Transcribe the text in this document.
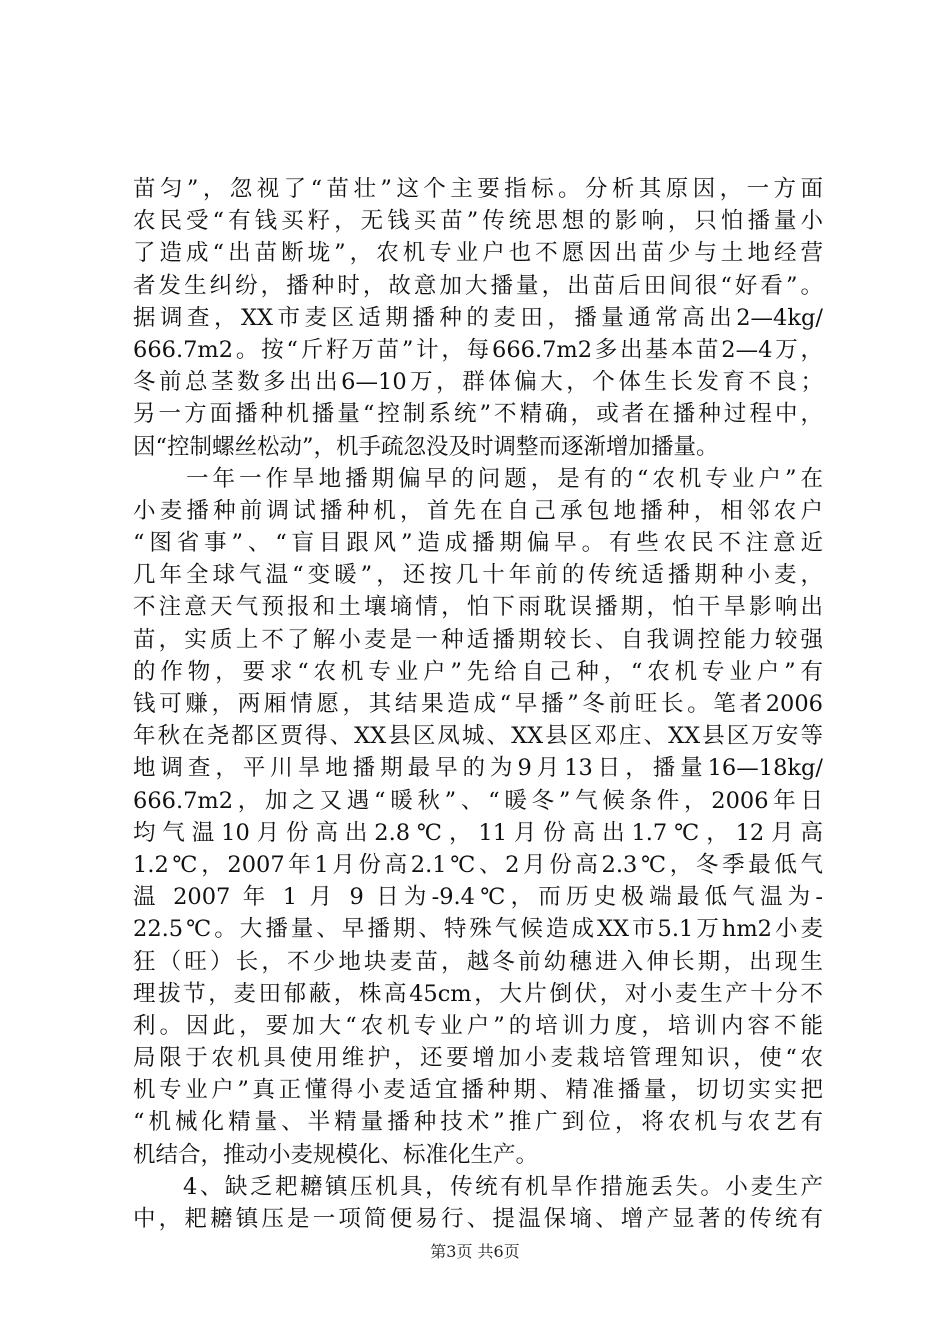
苗匀”，忽视了“苗壮”这个主要指标。分析其原因，一方面
农民受“有钱买籽，无钱买苗”传统思想的影响，只怕播量小
了造成“出苗断垅”，农机专业户也不愿因出苗少与土地经营
者发生纠纷，播种时，故意加大播量，出苗后田间很“好看”。
据调查，XX市麦区适期播种的麦田，播量通常高出2—4kg/
666.7m2。按“斤籽万苗”计，每666.7m2多出基本苗2—4万，
冬前总茎数多出出6—10万，群体偏大，个体生长发育不良；
另一方面播种机播量“控制系统”不精确，或者在播种过程中，
因“控制螺丝松动”，机手疏忽没及时调整而逐渐增加播量。
　　一年一作旱地播期偏早的问题，是有的“农机专业户”在
小麦播种前调试播种机，首先在自己承包地播种，相邻农户
“图省事”、“盲目跟风”造成播期偏早。有些农民不注意近
几年全球气温“变暖”，还按几十年前的传统适播期种小麦，
不注意天气预报和土壤墒情，怕下雨耽误播期，怕干旱影响出
苗，实质上不了解小麦是一种适播期较长、自我调控能力较强
的作物，要求“农机专业户”先给自己种，“农机专业户”有
钱可赚，两厢情愿，其结果造成“早播”冬前旺长。笔者2006
年秋在尧都区贾得、XX县区凤城、XX县区邓庄、XX县区万安等
地调查，平川旱地播期最早的为9月13日，播量16—18kg/
666.7m2，加之又遇“暖秋”、“暖冬”气候条件，2006年日
均气温10月份高出2.8℃，11月份高出1.7℃，12月高
1.2℃，2007年1月份高2.1℃、2月份高2.3℃，冬季最低气
温 2007 年 1 月 9 日为-9.4℃，而历史极端最低气温为-
22.5℃。大播量、早播期、特殊气候造成XX市5.1万hm2小麦
狂（旺）长，不少地块麦苗，越冬前幼穗进入伸长期，出现生
理拔节，麦田郁蔽，株高45cm，大片倒伏，对小麦生产十分不
利。因此，要加大“农机专业户”的培训力度，培训内容不能
局限于农机具使用维护，还要增加小麦栽培管理知识，使“农
机专业户”真正懂得小麦适宜播种期、精准播量，切切实实把
“机械化精量、半精量播种技术”推广到位，将农机与农艺有
机结合，推动小麦规模化、标准化生产。
　　4、缺乏耙耱镇压机具，传统有机旱作措施丢失。小麦生产
中，耙耱镇压是一项简便易行、提温保墒、增产显著的传统有
第3页 共6页
